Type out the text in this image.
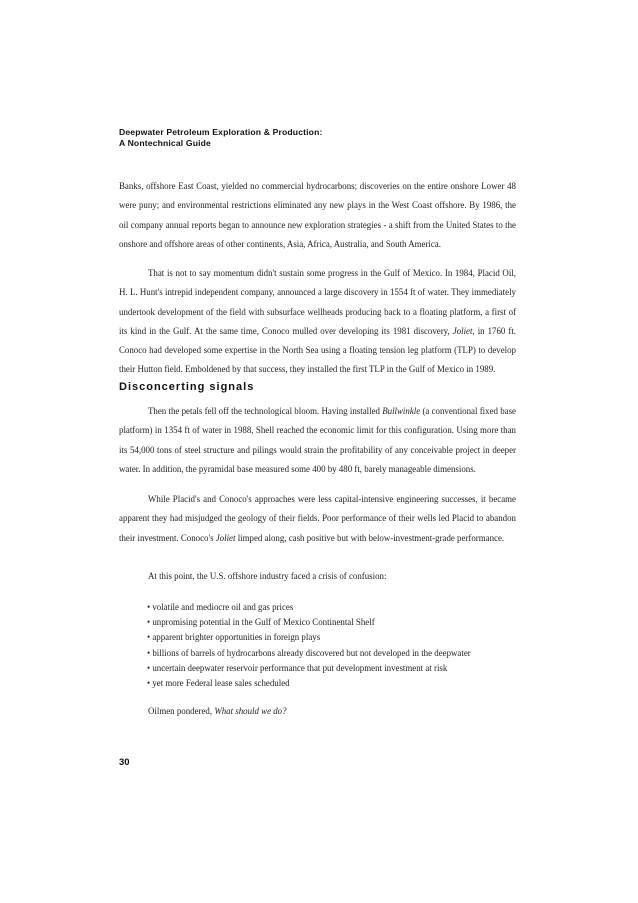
Deepwater Petroleum Exploration & Production:
A Nontechnical Guide

Banks, offshore East Coast, yielded no commercial hydrocarbons; discoveries on the entire onshore Lower 48 were puny; and environmental restrictions eliminated any new plays in the West Coast offshore. By 1986, the oil company annual reports began to announce new exploration strategies - a shift from the United States to the onshore and offshore areas of other continents, Asia, Africa, Australia, and South America.

That is not to say momentum didn't sustain some progress in the Gulf of Mexico. In 1984, Placid Oil, H. L. Hunt's intrepid independent company, announced a large discovery in 1554 ft of water. They immediately undertook development of the field with subsurface wellheads producing back to a floating platform, a first of its kind in the Gulf. At the same time, Conoco mulled over developing its 1981 discovery, Joliet, in 1760 ft. Conoco had developed some expertise in the North Sea using a floating tension leg platform (TLP) to develop their Hutton field. Emboldened by that success, they installed the first TLP in the Gulf of Mexico in 1989.

Disconcerting signals

Then the petals fell off the technological bloom. Having installed Bullwinkle (a conventional fixed base platform) in 1354 ft of water in 1988, Shell reached the economic limit for this configuration. Using more than its 54,000 tons of steel structure and pilings would strain the profitability of any conceivable project in deeper water. In addition, the pyramidal base measured some 400 by 480 ft, barely manageable dimensions.

While Placid's and Conoco's approaches were less capital-intensive engineering successes, it became apparent they had misjudged the geology of their fields. Poor performance of their wells led Placid to abandon their investment. Conoco's Joliet limped along, cash positive but with below-investment-grade performance.

At this point, the U.S. offshore industry faced a crisis of confusion:

• volatile and mediocre oil and gas prices
• unpromising potential in the Gulf of Mexico Continental Shelf
• apparent brighter opportunities in foreign plays
• billions of barrels of hydrocarbons already discovered but not developed in the deepwater
• uncertain deepwater reservoir performance that put development investment at risk
• yet more Federal lease sales scheduled

Oilmen pondered, What should we do?

30
